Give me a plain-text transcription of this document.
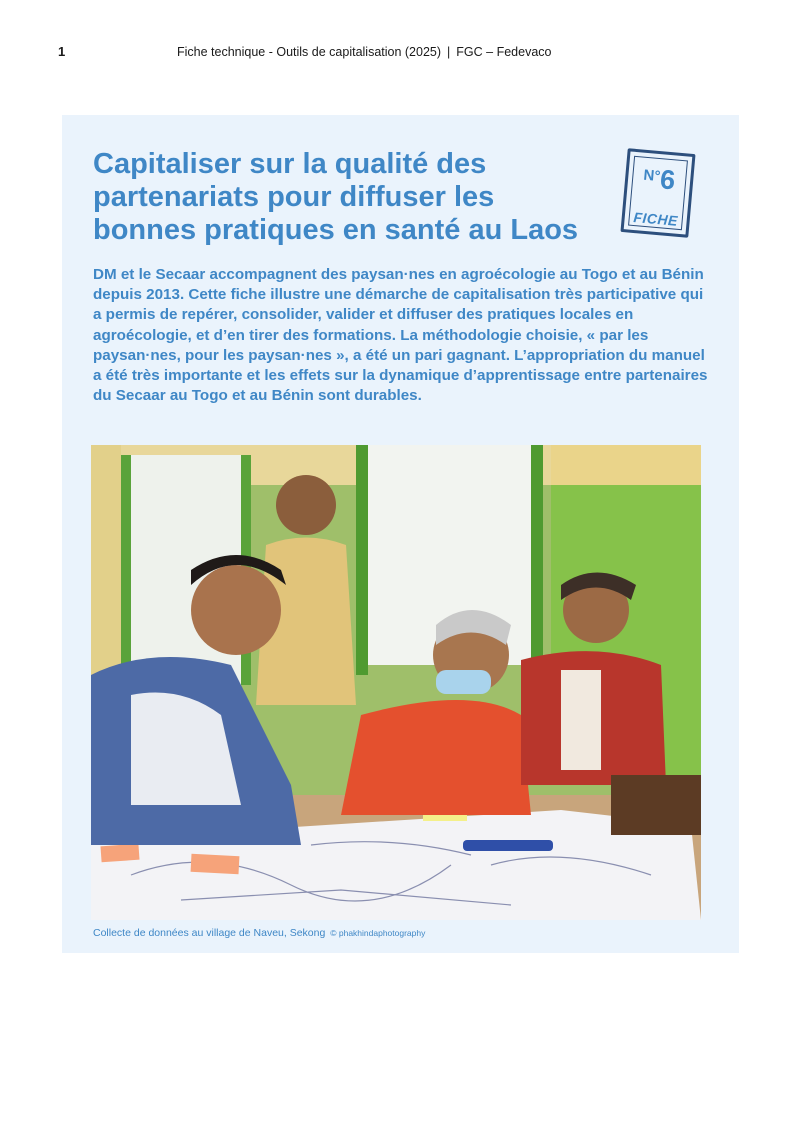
1	Fiche technique - Outils de capitalisation (2025) | FGC – Fedevaco
Capitaliser sur la qualité des partenariats pour diffuser les bonnes pratiques en santé au Laos
N°6
FICHE

DM et le Secaar accompagnent des paysan·nes en agroécologie au Togo et au Bénin depuis 2013. Cette fiche illustre une démarche de capitalisation très participative qui a permis de repérer, consolider, valider et diffuser des pratiques locales en agroécologie, et d’en tirer des formations. La méthodologie choisie, « par les paysan·nes, pour les paysan·nes », a été un pari gagnant. L’appropriation du manuel a été très importante et les effets sur la dynamique d’apprentissage entre partenaires du Secaar au Togo et au Bénin sont durables.

Collecte de données au village de Naveu, Sekong © phakhindaphotography
